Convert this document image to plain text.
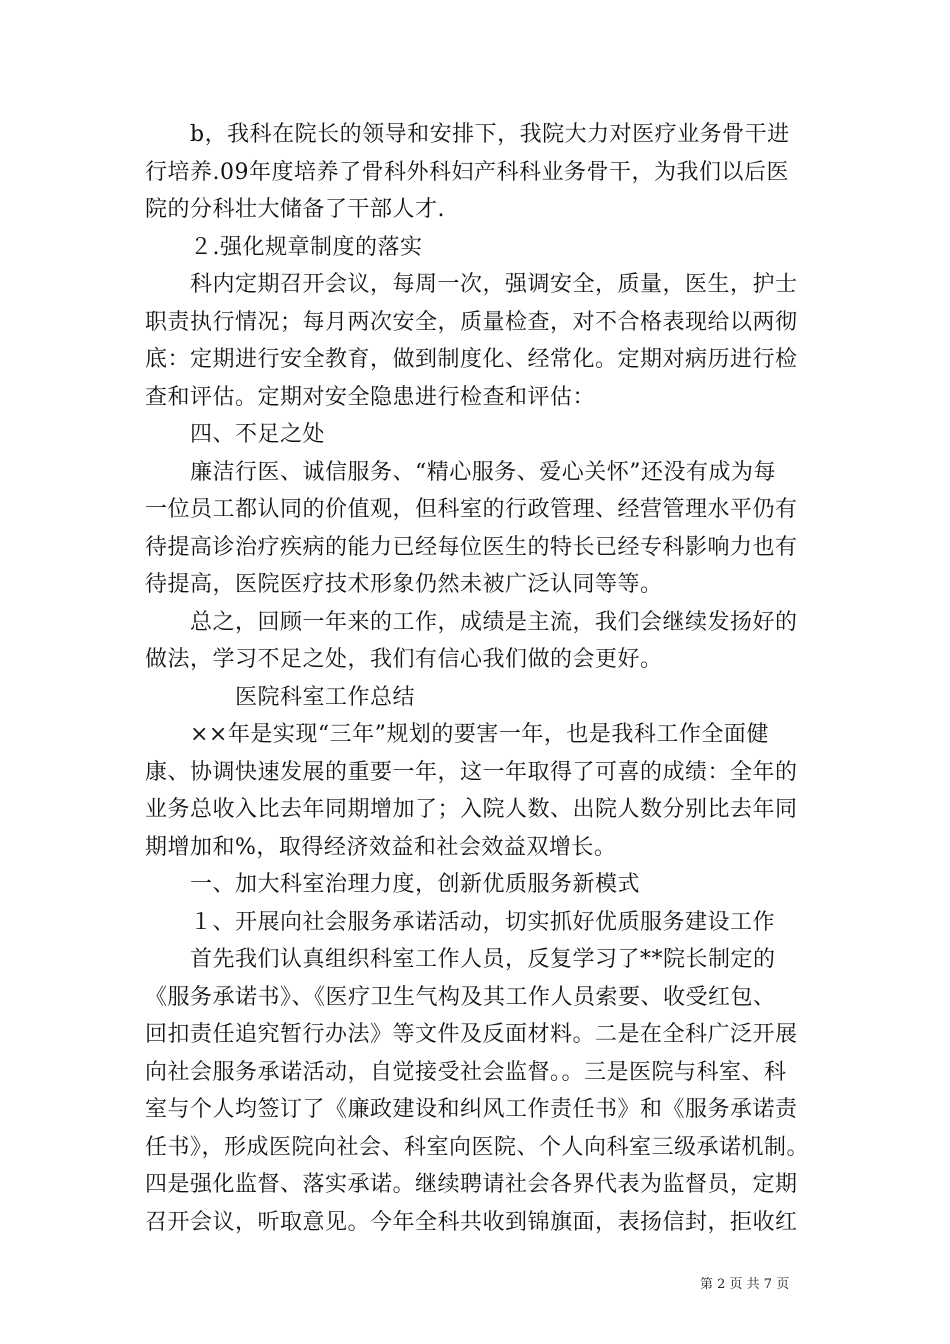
　　b，我科在院长的领导和安排下，我院大力对医疗业务骨干进
行培养.09年度培养了骨科外科妇产科科业务骨干，为我们以后医
院的分科壮大储备了干部人才.
　　２.强化规章制度的落实
　　科内定期召开会议，每周一次，强调安全，质量，医生，护士
职责执行情况；每月两次安全，质量检查，对不合格表现给以两彻
底：定期进行安全教育，做到制度化、经常化。定期对病历进行检
查和评估。定期对安全隐患进行检查和评估：
　　四、不足之处
　　廉洁行医、诚信服务、“精心服务、爱心关怀”还没有成为每
一位员工都认同的价值观，但科室的行政管理、经营管理水平仍有
待提高诊治疗疾病的能力已经每位医生的特长已经专科影响力也有
待提高，医院医疗技术形象仍然未被广泛认同等等。
　　总之，回顾一年来的工作，成绩是主流，我们会继续发扬好的
做法，学习不足之处，我们有信心我们做的会更好。
　　　　医院科室工作总结
　　××年是实现“三年”规划的要害一年，也是我科工作全面健
康、协调快速发展的重要一年，这一年取得了可喜的成绩：全年的
业务总收入比去年同期增加了；入院人数、出院人数分别比去年同
期增加和%，取得经济效益和社会效益双增长。
　　一、加大科室治理力度，创新优质服务新模式
　　１、开展向社会服务承诺活动，切实抓好优质服务建设工作
　　首先我们认真组织科室工作人员，反复学习了**院长制定的
《服务承诺书》、《医疗卫生气构及其工作人员索要、收受红包、
回扣责任追究暂行办法》等文件及反面材料。二是在全科广泛开展
向社会服务承诺活动，自觉接受社会监督。。三是医院与科室、科
室与个人均签订了《廉政建设和纠风工作责任书》和《服务承诺责
任书》，形成医院向社会、科室向医院、个人向科室三级承诺机制。
四是强化监督、落实承诺。继续聘请社会各界代表为监督员，定期
召开会议，听取意见。今年全科共收到锦旗面，表扬信封，拒收红
第 2 页 共 7 页
